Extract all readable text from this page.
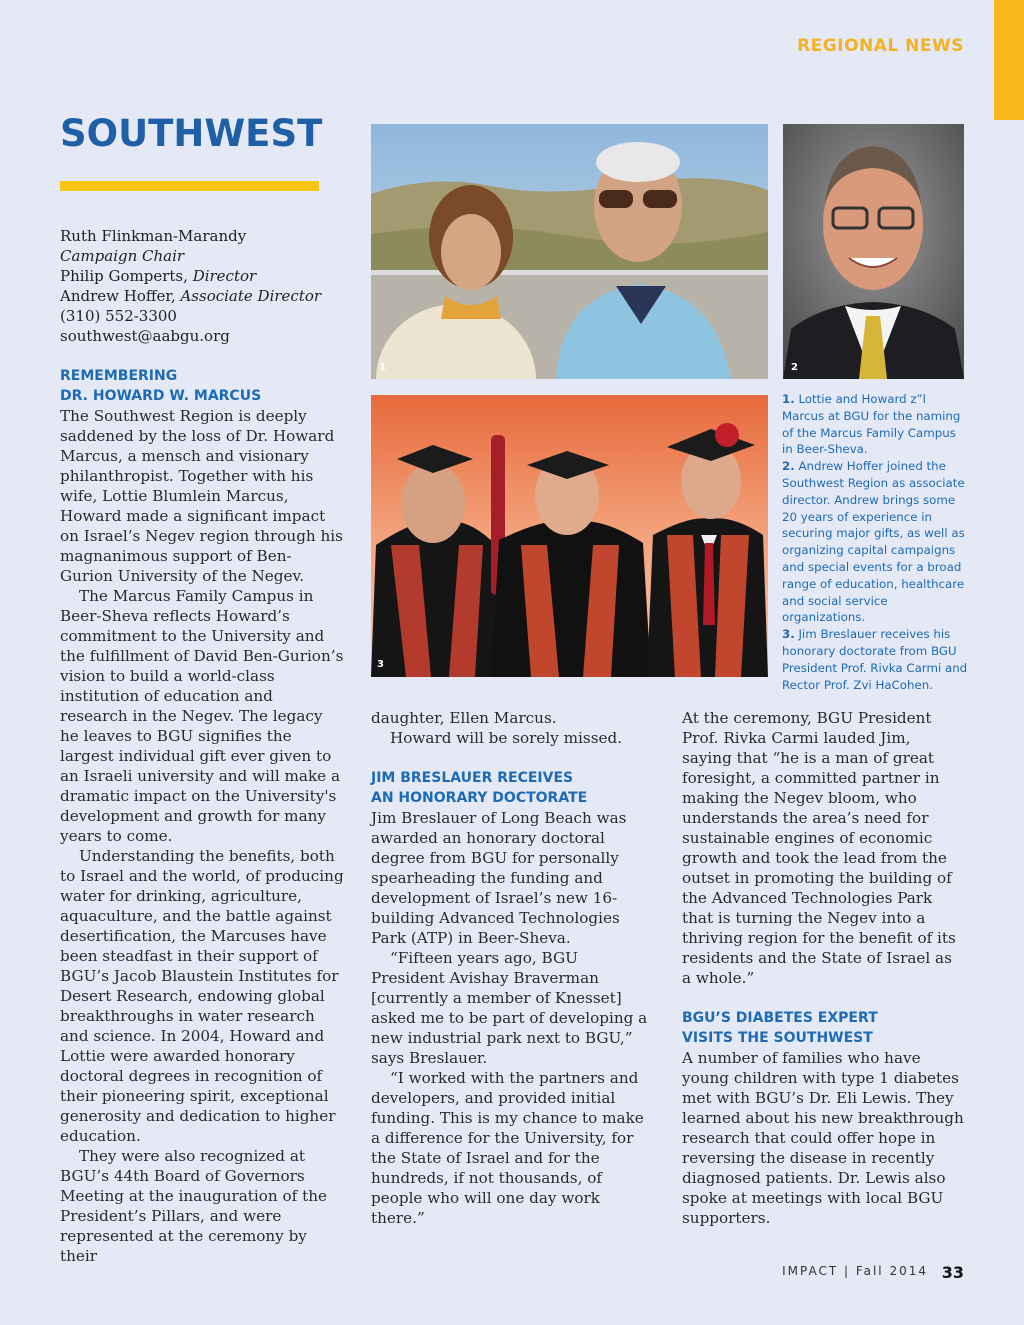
REGIONAL NEWS
SOUTHWEST
Ruth Flinkman-Marandy
Campaign Chair
Philip Gomperts, Director
Andrew Hoffer, Associate Director
(310) 552-3300
southwest@aabgu.org
REMEMBERING
DR. HOWARD W. MARCUS

The Southwest Region is deeply saddened by the loss of Dr. Howard Marcus, a mensch and visionary philanthropist. Together with his wife, Lottie Blumlein Marcus, Howard made a significant impact on Israel’s Negev region through his magnanimous support of Ben-Gurion University of the Negev.

The Marcus Family Campus in Beer-Sheva reflects Howard’s commitment to the University and the fulfillment of David Ben-Gurion’s vision to build a world-class institution of education and research in the Negev. The legacy he leaves to BGU signifies the largest individual gift ever given to an Israeli university and will make a dramatic impact on the University's development and growth for many years to come.

Understanding the benefits, both to Israel and the world, of producing water for drinking, agriculture, aquaculture, and the battle against desertification, the Marcuses have been steadfast in their support of BGU’s Jacob Blaustein Institutes for Desert Research, endowing global breakthroughs in water research and science. In 2004, Howard and Lottie were awarded honorary doctoral degrees in recognition of their pioneering spirit, exceptional generosity and dedication to higher education.

They were also recognized at BGU’s 44th Board of Governors Meeting at the inauguration of the President’s Pillars, and were represented at the ceremony by their

daughter, Ellen Marcus.

Howard will be sorely missed.

JIM BRESLAUER RECEIVES
AN HONORARY DOCTORATE

Jim Breslauer of Long Beach was awarded an honorary doctoral degree from BGU for personally spearheading the funding and development of Israel’s new 16-building Advanced Technologies Park (ATP) in Beer-Sheva.

“Fifteen years ago, BGU President Avishay Braverman [currently a member of Knesset] asked me to be part of developing a new industrial park next to BGU,” says Breslauer.

“I worked with the partners and developers, and provided initial funding. This is my chance to make a difference for the University, for the State of Israel and for the hundreds, if not thousands, of people who will one day work there.”

At the ceremony, BGU President Prof. Rivka Carmi lauded Jim, saying that “he is a man of great foresight, a committed partner in making the Negev bloom, who understands the area’s need for sustainable engines of economic growth and took the lead from the outset in promoting the building of the Advanced Technologies Park that is turning the Negev into a thriving region for the benefit of its residents and the State of Israel as a whole.”

BGU’S DIABETES EXPERT
VISITS THE SOUTHWEST

A number of families who have young children with type 1 diabetes met with BGU’s Dr. Eli Lewis. They learned about his new breakthrough research that could offer hope in reversing the disease in recently diagnosed patients. Dr. Lewis also spoke at meetings with local BGU supporters.

1	2
3
1. Lottie and Howard z”l Marcus at BGU for the naming of the Marcus Family Campus in Beer-Sheva.
2. Andrew Hoffer joined the Southwest Region as associate director. Andrew brings some 20 years of experience in securing major gifts, as well as organizing capital campaigns and special events for a broad range of education, healthcare and social service organizations.
3. Jim Breslauer receives his honorary doctorate from BGU President Prof. Rivka Carmi and Rector Prof. Zvi HaCohen.
IMPACT | Fall 2014 33
